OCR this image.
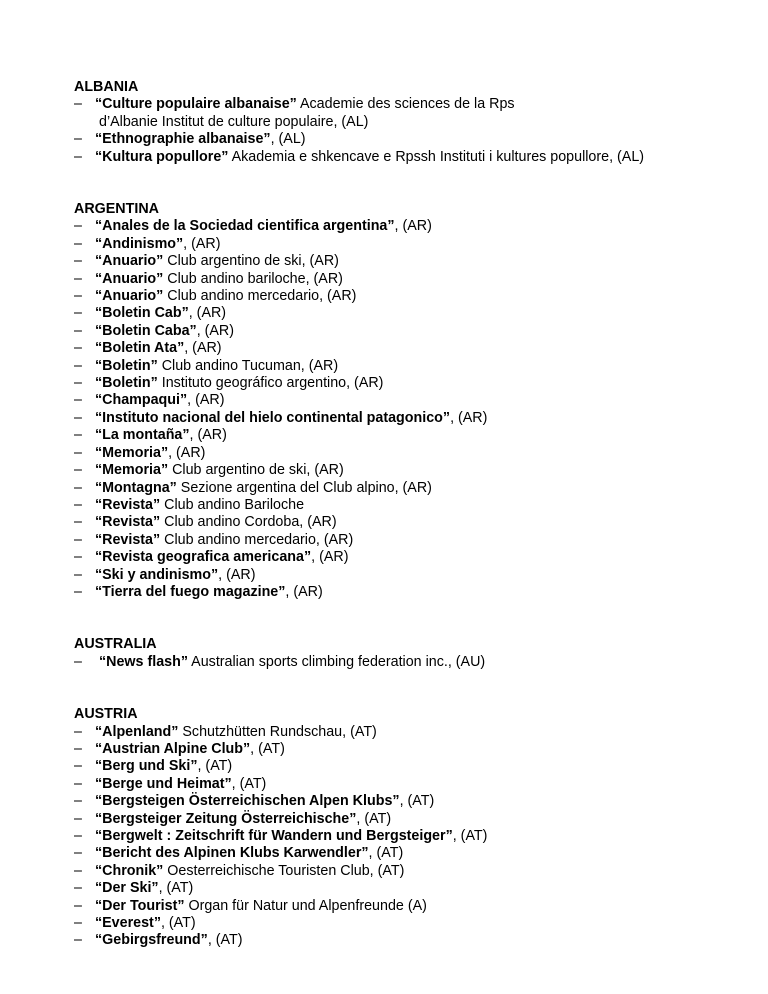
ALBANIA
– “Culture populaire albanaise” Academie des sciences de la Rps
d’Albanie Institut de culture populaire, (AL)
– “Ethnographie albanaise”, (AL)
– “Kultura popullore” Akademia e shkencave e Rpssh Instituti i kultures popullore, (AL)
ARGENTINA
– “Anales de la Sociedad cientifica argentina”, (AR)
– “Andinismo”, (AR)
– “Anuario” Club argentino de ski, (AR)
– “Anuario” Club andino bariloche, (AR)
– “Anuario” Club andino mercedario, (AR)
– “Boletin Cab”, (AR)
– “Boletin Caba”, (AR)
– “Boletin Ata”, (AR)
– “Boletin” Club andino Tucuman, (AR)
– “Boletin” Instituto geográfico argentino, (AR)
– “Champaqui”, (AR)
– “Instituto nacional del hielo continental patagonico”, (AR)
– “La montaña”, (AR)
– “Memoria”, (AR)
– “Memoria” Club argentino de ski, (AR)
– “Montagna” Sezione argentina del Club alpino, (AR)
– “Revista” Club andino Bariloche
– “Revista” Club andino Cordoba, (AR)
– “Revista” Club andino mercedario, (AR)
– “Revista geografica americana”, (AR)
– “Ski y andinismo”, (AR)
– “Tierra del fuego magazine”, (AR)
AUSTRALIA
– “News flash” Australian sports climbing federation inc., (AU)
AUSTRIA
– “Alpenland” Schutzhütten Rundschau, (AT)
– “Austrian Alpine Club”, (AT)
– “Berg und Ski”, (AT)
– “Berge und Heimat”, (AT)
– “Bergsteigen Österreichischen Alpen Klubs”, (AT)
– “Bergsteiger Zeitung Österreichische”, (AT)
– “Bergwelt : Zeitschrift für Wandern und Bergsteiger”, (AT)
– “Bericht des Alpinen Klubs Karwendler”, (AT)
– “Chronik” Oesterreichische Touristen Club, (AT)
– “Der Ski”, (AT)
– “Der Tourist” Organ für Natur und Alpenfreunde (A)
– “Everest”, (AT)
– “Gebirgsfreund”, (AT)
